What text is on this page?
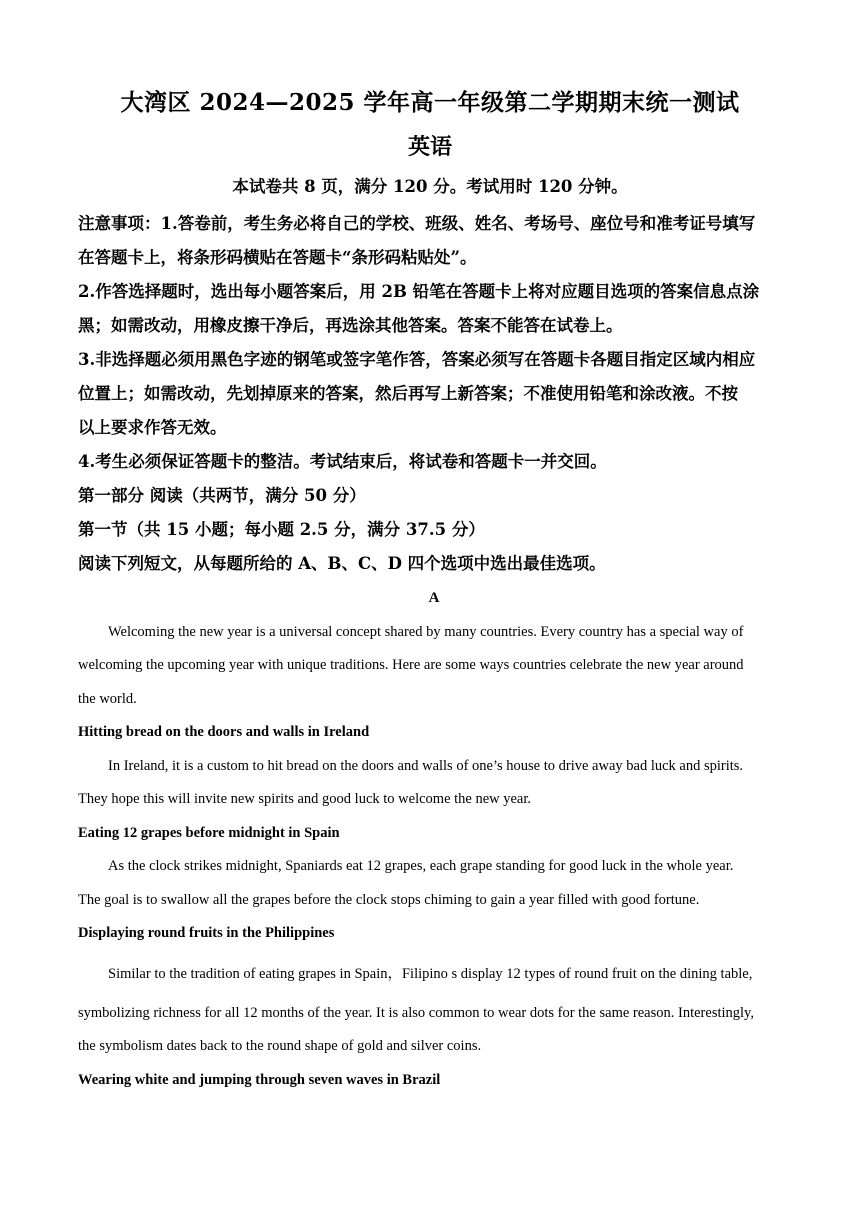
大湾区 2024—2025 学年高一年级第二学期期末统一测试
英语
本试卷共 8 页，满分 120 分。考试用时 120 分钟。

注意事项：1.答卷前，考生务必将自己的学校、班级、姓名、考场号、座位号和准考证号填写

在答题卡上，将条形码横贴在答题卡“条形码粘贴处”。

2.作答选择题时，选出每小题答案后，用 2B 铅笔在答题卡上将对应题目选项的答案信息点涂

黑；如需改动，用橡皮擦干净后，再选涂其他答案。答案不能答在试卷上。

3.非选择题必须用黑色字迹的钢笔或签字笔作答，答案必须写在答题卡各题目指定区域内相应

位置上；如需改动，先划掉原来的答案，然后再写上新答案；不准使用铅笔和涂改液。不按

以上要求作答无效。

4.考生必须保证答题卡的整洁。考试结束后，将试卷和答题卡一并交回。

第一部分 阅读（共两节，满分 50 分）

第一节（共 15 小题；每小题 2.5 分，满分 37.5 分）

阅读下列短文，从每题所给的 A、B、C、D 四个选项中选出最佳选项。

A

Welcoming the new year is a universal concept shared by many countries. Every country has a special way of

welcoming the upcoming year with unique traditions. Here are some ways countries celebrate the new year around

the world.

Hitting bread on the doors and walls in Ireland

In Ireland, it is a custom to hit bread on the doors and walls of one’s house to drive away bad luck and spirits.

They hope this will invite new spirits and good luck to welcome the new year.

Eating 12 grapes before midnight in Spain

As the clock strikes midnight, Spaniards eat 12 grapes, each grape standing for good luck in the whole year.

The goal is to swallow all the grapes before the clock stops chiming to gain a year filled with good fortune.

Displaying round fruits in the Philippines

Similar to the tradition of eating grapes in Spain，Filipino s display 12 types of round fruit on the dining table,

symbolizing richness for all 12 months of the year. It is also common to wear dots for the same reason. Interestingly,

the symbolism dates back to the round shape of gold and silver coins.

Wearing white and jumping through seven waves in Brazil
